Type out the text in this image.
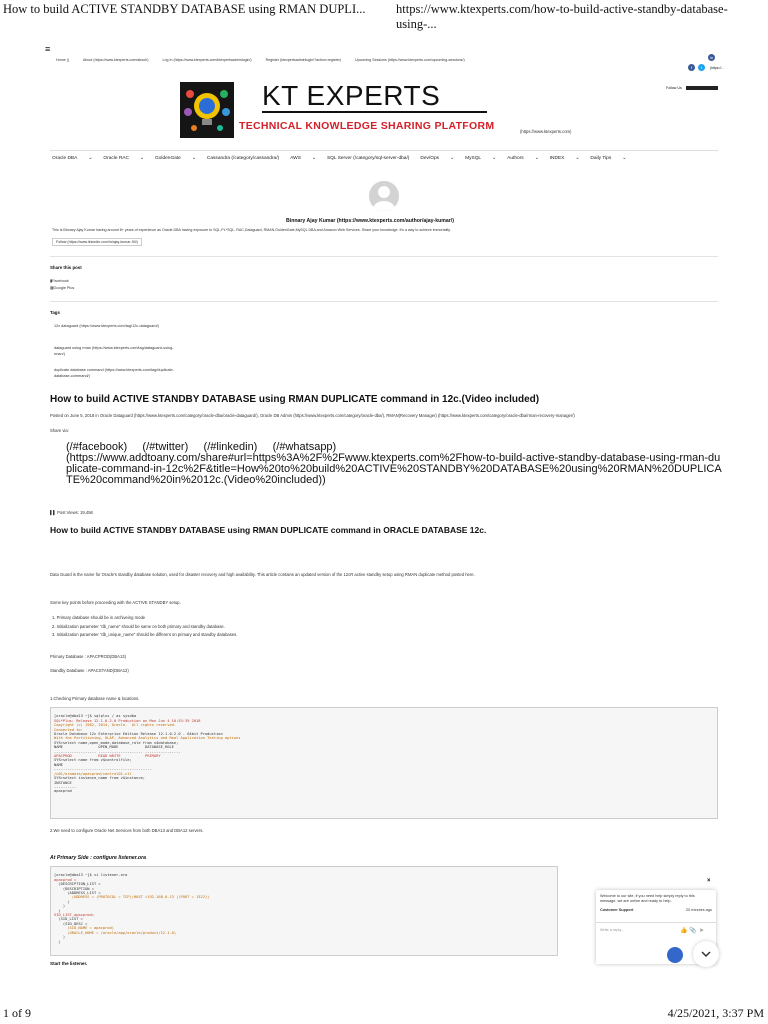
How to build ACTIVE STANDBY DATABASE using RMAN DUPLI... https://www.ktexperts.com/how-to-build-active-standby-database-using-...
≡
Home ()	About (https://www.ktexperts.com/about/)	Log In (https://www.ktexperts.com/ktexpertsadminlogin/)	Register (ktexpertsadminlogin/?action=register)	Upcoming Sessions (https://www.ktexperts.com/upcoming-sessions/)	in
f	t	(https://...
Follow Us
KT EXPERTS
TECHNICAL KNOWLEDGE SHARING PLATFORM	(https://www.ktexperts.com)
Oracle DBA ⌄ Oracle RAC ⌄ GoldenGate ⌄ Cassandra (/category/cassandra/) AWS ⌄ SQL Server (/category/sql-server-dba/) Dev/Ops ⌄ MySQL ⌄ Authors ⌄ INDEX ⌄ Daily Tips ⌄
Binnary Ajay Kumar (https://www.ktexperts.com/author/ajay-kumar/)
This is Binnary Ajay Kumar having around 8+ years of experience as Oracle DBA having exposure to SQL,PL*SQL, RAC,Dataguard, RMAN,GoldenGate,MySQL DBA and Amazon Web Services. Share your knowledge. It's a way to achieve immortality.
Follow (https://www.linkedin.com/in/ajay-kumar-90/)
Share this post
▮Facebook
▦Google Plus
Tags
12c dataguard (https://www.ktexperts.com/tag/12c-dataguard/)
dataguard using rman (https://www.ktexperts.com/tag/dataguard-using-rman/)
duplicate database command (https://www.ktexperts.com/tag/duplicate-database-command/)
How to build ACTIVE STANDBY DATABASE using RMAN DUPLICATE command in 12c.(Video included)
Posted on June 5, 2018 in Oracle Dataguard (https://www.ktexperts.com/category/oracle-dba/oracle-dataguard/), Oracle DB Admin (https://www.ktexperts.com/category/oracle-dba/), RMAN(Recovery Manager) (https://www.ktexperts.com/category/oracle-dba/rman-recovery-manager/)
Share via:
(/#facebook)     (/#twitter)     (/#linkedin)     (/#whatsapp)
(https://www.addtoany.com/share#url=https%3A%2F%2Fwww.ktexperts.com%2Fhow-to-build-active-standby-database-using-rman-duplicate-command-in-12c%2F&title=How%20to%20build%20ACTIVE%20STANDBY%20DATABASE%20using%20RMAN%20DUPLICATE%20command%20in%2012c.(Video%20included))
▌▌ Post Views: 19,456
How to build ACTIVE STANDBY DATABASE using RMAN DUPLICATE command in ORACLE DATABASE 12c.
Data Guard is the name for Oracle's standby database solution, used for disaster recovery and high availability. This article contains an updated version of the 12cR active standby setup using RMAN duplicate method posted here.
Some key points before proceeding with the ACTIVE STANDBY setup.
1. Primary database should be in archiveing mode
2. Initialization parameter "db_name" should be same on both primary and standby database.
3. Initialization parameter "db_unique_name" should be different on primary and standby databases.
Primary Database : APACPROD(DBA13)
Standby Database : APACSTAND(DBA12)
1.Checking Primary database name & locations.

[oracle@dba13 ~]$ sqlplus / as sysdba
SQL*Plus: Release 12.1.0.2.0 Production on Mon Jun 4 10:53:39 2018
Copyright (c) 1982, 2014, Oracle.  All rights reserved.
Connected to:
Oracle Database 12c Enterprise Edition Release 12.1.0.2.0 - 64bit Production
With the Partitioning, OLAP, Advanced Analytics and Real Application Testing options
SYS>select name,open_mode,database_role from v$database;
NAME                OPEN_MODE            DATABASE_ROLE
------------------- -------------------- ----------------
APACPROD            READ WRITE           PRIMARY
SYS>select name from v$controlfile;
NAME
--------------------------------------------
/u01/oradata/apacprod/control01.ctl
SYS>select instance_name from v$instance;
INSTANCE
----------
apacprod

2.We need to configure Oracle Net Services from both DBA13 and DBA12 servers.
At Primary Side : configure listener.ora

[oracle@dba13 ~]$ vi listener.ora
apacprod =
(DESCRIPTION_LIST =
(DESCRIPTION =
(ADDRESS_LIST =
(ADDRESS = (PROTOCOL = TCP)(HOST =192.168.0.13 )(PORT = 1522))
)
)
)
SID_LIST_apacprod=
(SID_LIST =
(SID_DESC =
(SID_NAME = apacprod)
(ORACLE_HOME = /oracle/app/oracle/product/12.1.0)
)
)

Start the listener.
×
Welcome to our site, if you need help simply reply to this message, we are online and ready to help.
Customer Support	20 minutes ago
Write a reply...	👍 📎 ➤
1 of 9	4/25/2021, 3:37 PM
